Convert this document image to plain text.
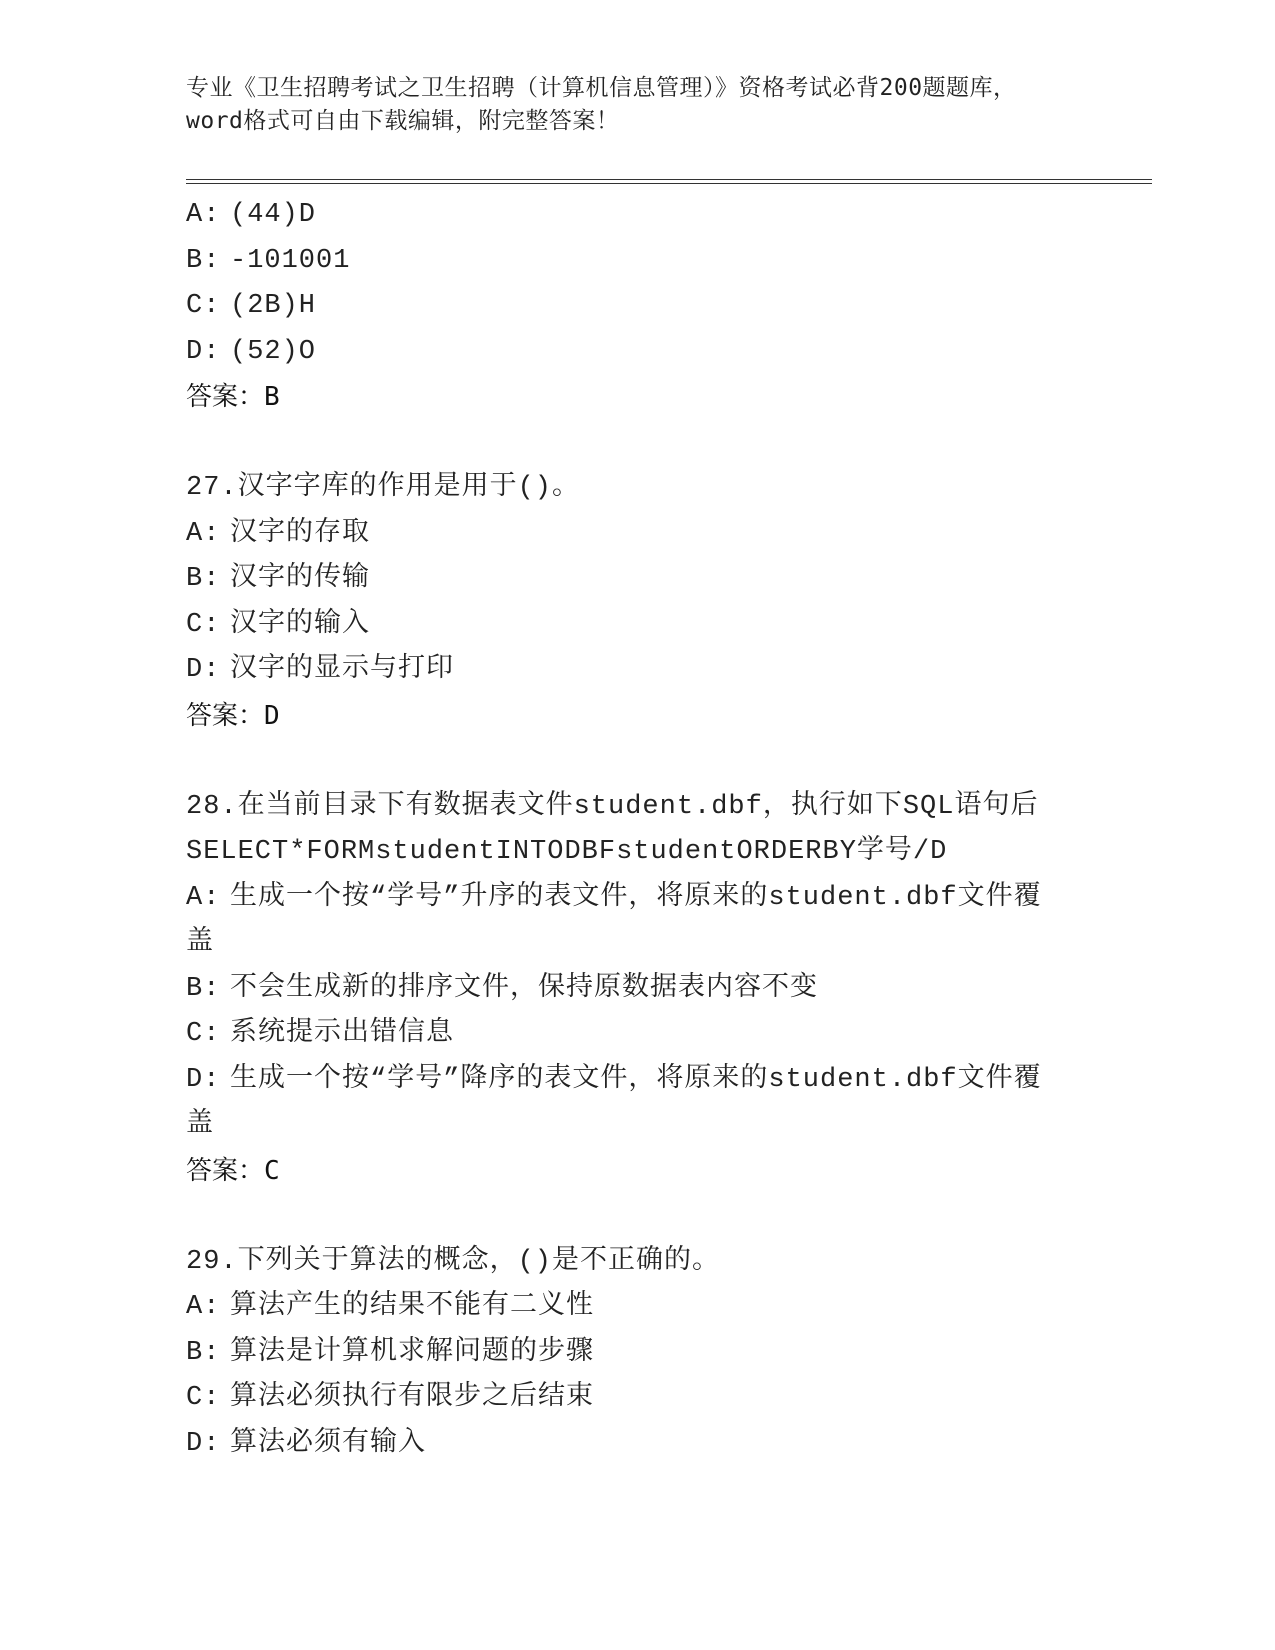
专业《卫生招聘考试之卫生招聘（计算机信息管理）》资格考试必背200题题库，
word格式可自由下载编辑，附完整答案！
A: (44)D
B: -101001
C: (2B)H
D: (52)O
答案：B
27.汉字字库的作用是用于()。
A: 汉字的存取
B: 汉字的传输
C: 汉字的输入
D: 汉字的显示与打印
答案：D
28.在当前目录下有数据表文件student.dbf，执行如下SQL语句后
SELECT*FORMstudentINTODBFstudentORDERBY学号/D
A: 生成一个按“学号”升序的表文件，将原来的student.dbf文件覆
盖
B: 不会生成新的排序文件，保持原数据表内容不变
C: 系统提示出错信息
D: 生成一个按“学号”降序的表文件，将原来的student.dbf文件覆
盖
答案：C
29.下列关于算法的概念，()是不正确的。
A: 算法产生的结果不能有二义性
B: 算法是计算机求解问题的步骤
C: 算法必须执行有限步之后结束
D: 算法必须有输入
